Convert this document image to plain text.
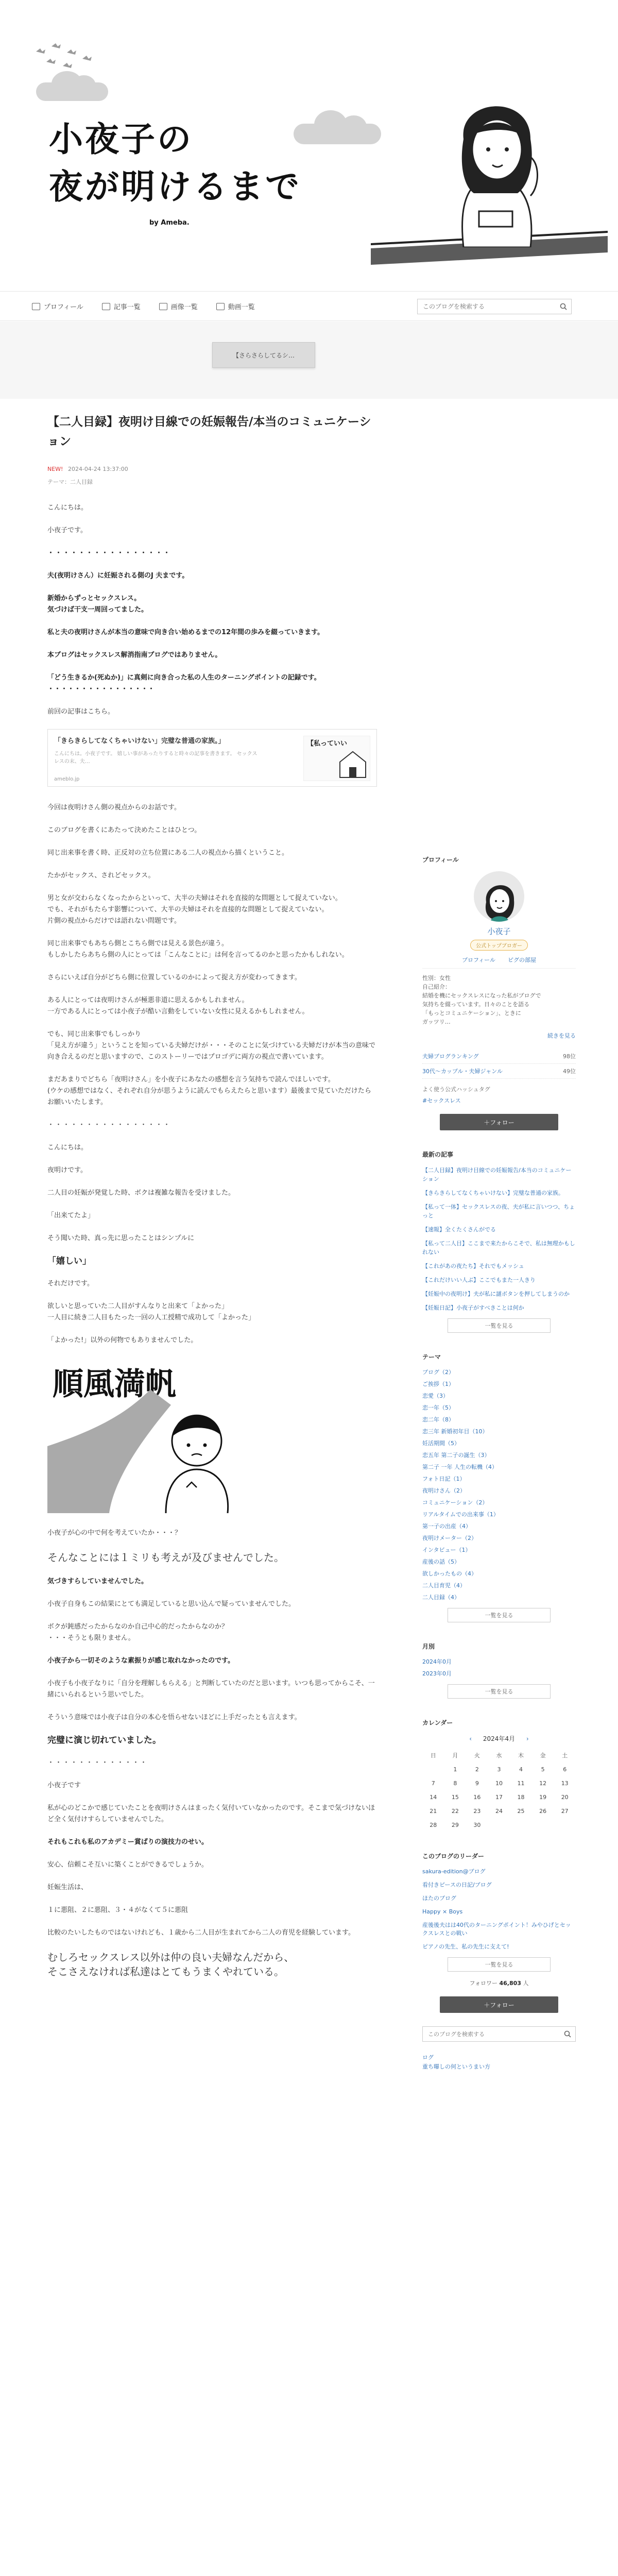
小夜子の
夜が明けるまで
by Ameba.
プロフィール	記事一覧	画像一覧	動画一覧
このブログを検索する
【さらさらしてるシ…
【二人目録】夜明け目線での妊娠報告/本当のコミュニケーション
NEW! 2024-04-24 13:37:00
テーマ：二人目録
こんにちは。
小夜子です。
・・・・・・・・・・・・・・・・
夫(夜明けさん）に妊娠される側のJ 夫まです。
新婚からずっとセックスレス。
気づけば干支一周回ってました。
私と夫の夜明けさんが本当の意味で向き合い始めるまでの12年間の歩みを綴っていきます。
本ブログはセックスレス解消指南ブログではありません。
「どう生きるか(死ぬか)」に真剣に向き合った私の人生のターニングポイントの記録です。
・・・・・・・・・・・・・・・・
前回の記事はこちら。
「きらきらしてなくちゃいけない」完璧な普通の家族。」
こんにちは。小夜子です。 嬉しい事があったりすると時々の記事を書きます。 セックスレスの末、夫…
ameblo.jp
【私っていい
今回は夜明けさん側の視点からのお話です。
このブログを書くにあたって決めたことはひとつ。
同じ出来事を書く時、正反対の立ち位置にある二人の視点から描くということ。
たかがセックス、されどセックス。
男と女が交わらなくなったからといって、大半の夫婦はそれを直接的な問題として捉えていない。
でも、それがもたらす影響について、大半の夫婦はそれを直接的な問題として捉えていない。
片側の視点からだけでは語れない問題です。
同じ出来事でもあちら側とこちら側では見える景色が違う。
もしかしたらあちら側の人にとっては「こんなことに」は何を言ってるのかと思ったかもしれない。
さらにいえば自分がどちら側に位置しているのかによって捉え方が変わってきます。
ある人にとっては夜明けさんが極悪非道に思えるかもしれません。
一方である人にとっては小夜子が酷い言動をしていない女性に見えるかもしれません。
でも、同じ出来事でもしっかり
「見え方が違う」ということを知っている夫婦だけが・・・そのことに気づけている夫婦だけが本当の意味で向き合えるのだと思いますので、このストーリーではプロゴデに両方の視点で書いています。
まだあまりでどちら「夜明けさん」を小夜子にあなたの感想を言う気持ちで読んでほしいです。
(ウケの感想ではなく、それぞれ自分が思うように読んでもらえたらと思います）最後まで見ていただけたらお願いいたします。
・・・・・・・・・・・・・・・・
こんにちは。
夜明けです。
二人目の妊娠が発覚した時、ボクは複雑な報告を受けました。
「出来てたよ」
そう聞いた時、真っ先に思ったことはシンプルに
「嬉しい」
それだけです。
欲しいと思っていた二人目がすんなりと出来て「よかった」
一人目に続き二人目もたった一回の人工授精で成功して「よかった」
「よかった!」以外の何物でもありませんでした。
順風満帆
小夜子が心の中で何を考えていたか・・・？
そんなことには１ミリも考えが及びませんでした。
気づきすらしていませんでした。
小夜子自身もこの結果にとても満足していると思い込んで疑っていませんでした。
ボクが鈍感だったからなのか自己中心的だったからなのか？
・・・そうとも限りません。
小夜子から一切そのような素振りが感じ取れなかったのです。
小夜子も小夜子なりに「自分を理解しもらえる」と判断していたのだと思います。いつも思ってからこそ、一緒にいられるという思いでした。
そういう意味では小夜子は自分の本心を悟らせないほどに上手だったとも言えます。
完璧に演じ切れていました。
・・・・・・・・・・・・・
小夜子です
私が心のどこかで感じていたことを夜明けさんはまったく気付いていなかったのです。そこまで気づけないほど全く気付けすらしていませんでした。
それもこれも私のアカデミー賞ばりの演技力のせい。
安心、信頼こそ互いに築くことができるでしょうか。
妊娠生活は、
１に悪阻、２に悪阻、３・４がなくて５に悪阻
比較のたいしたものではないけれども、１歳から二人目が生まれてから二人の育児を経験しています。
むしろセックスレス以外は仲の良い夫婦なんだから、
そこさえなければ私達はとてもうまくやれている。
プロフィール
小夜子
公式トップブロガー
プロフィール ピグの部屋
性別：女性
自己紹介：
結婚を機にセックスレスになった私がブログで
気持ちを綴っています。日々のことを語る
「もっとコミュニケーション」、ときに
ガッツリ…
続きを見る
夫婦ブログランキング	98位
30代〜カップル・夫婦ジャンル	49位
よく使う公式ハッシュタグ
#セックスレス
＋フォロー
最新の記事
【二人目録】夜明け目線での妊娠報告/本当のコミュニケーション
【きらきらしてなくちゃいけない】完璧な普通の家族。
【私って一体】セックスレスの夜、夫が私に言いつつ、ちょっと
【速報】全くたくさんがでる
【私って二人目】ここまで来たからこそで、私は無理かもしれない
【これがあの夜たち】それでもメッシュ
【これだけいい人ぶ】ここでもまた一人きり
【妊娠中の夜明け】夫が私に謎ボタンを押してしまうのか
【妊娠日記】小夜子がすべきことは何か
一覧を見る
テーマ
ブログ（2）
ご挨拶（1）
恋愛（3）
恋一年（5）
恋二年（8）
恋三年 新婚初年目（10）
妊活期間（5）
恋五年 第二子の誕生（3）
第二子 一年 人生の転機（4）
フォト日記（1）
夜明けさん（2）
コミュニケーション（2）
リアルタイムでの出来事（1）
第一子の出産（4）
夜明けメーター（2）
インタビュー（1）
産後の話（5）
欲しかったもの（4）
二人目育児（4）
二人目録（4）
一覧を見る
月別
2024年0月
2023年0月
一覧を見る
カレンダー
‹ 2024年4月 ›
日	月	火	水	木	金	土
	1	2	3	4	5	6
7	8	9	10	11	12	13
14	15	16	17	18	19	20
21	22	23	24	25	26	27
28	29	30				
このブログのリーダー
sakura-edition@ブログ
看付きピースの日記/ブログ
ほたのブログ
Happy × Boys
産後後夫はは40代のターニングポイント！みやひげとセックスレスとの戦い
ピアノの先生、私の先生に支えて!
一覧を見る
フォロワー 46,803 人
＋フォロー
このブログを検索する
ログ
重ち曝しの何というまい方
